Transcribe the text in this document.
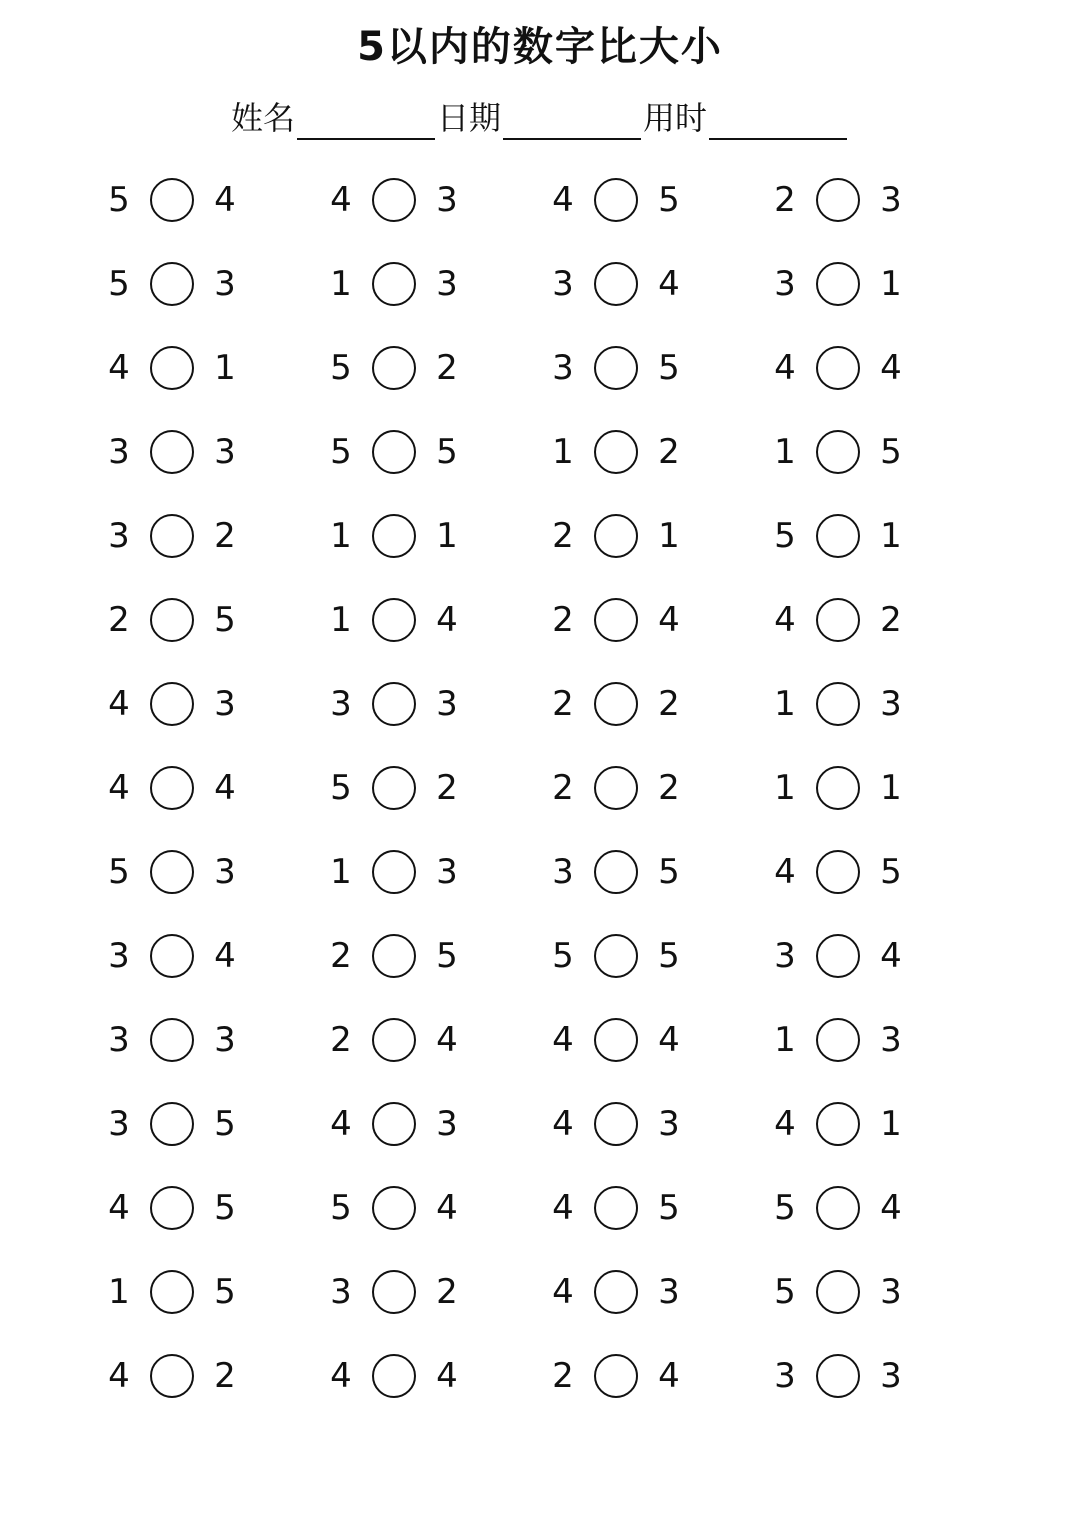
5以内的数字比大小
姓名	日期	用时
5 4	4 3	4 5	2 3
5 3	1 3	3 4	3 1
4 1	5 2	3 5	4 4
3 3	5 5	1 2	1 5
3 2	1 1	2 1	5 1
2 5	1 4	2 4	4 2
4 3	3 3	2 2	1 3
4 4	5 2	2 2	1 1
5 3	1 3	3 5	4 5
3 4	2 5	5 5	3 4
3 3	2 4	4 4	1 3
3 5	4 3	4 3	4 1
4 5	5 4	4 5	5 4
1 5	3 2	4 3	5 3
4 2	4 4	2 4	3 3
